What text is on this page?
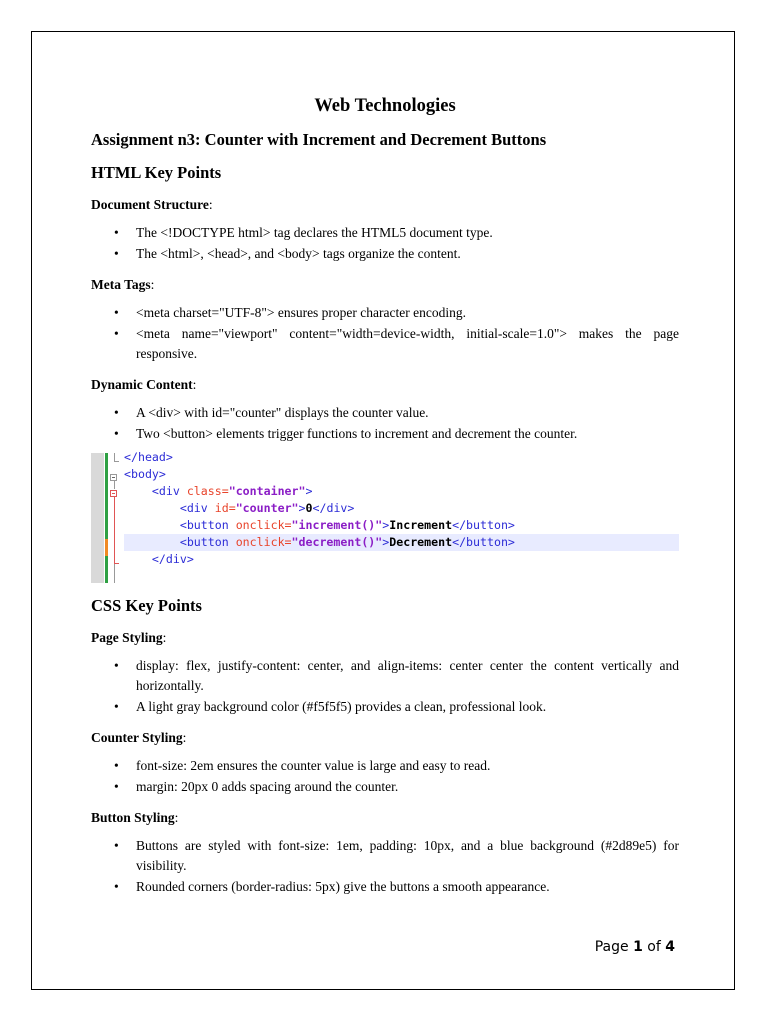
Web Technologies
Assignment n3: Counter with Increment and Decrement Buttons
HTML Key Points
Document Structure:
• The <!DOCTYPE html> tag declares the HTML5 document type.
• The <html>, <head>, and <body> tags organize the content.
Meta Tags:
• <meta charset="UTF-8"> ensures proper character encoding.
• <meta name="viewport" content="width=device-width, initial-scale=1.0"> makes the page responsive.
Dynamic Content:
• A <div> with id="counter" displays the counter value.
• Two <button> elements trigger functions to increment and decrement the counter.
</head>
<body>
<div class="container">
<div id="counter">0</div>
<button onclick="increment()">Increment</button>
<button onclick="decrement()">Decrement</button>
</div>
CSS Key Points
Page Styling:
• display: flex, justify-content: center, and align-items: center center the content vertically and horizontally.
• A light gray background color (#f5f5f5) provides a clean, professional look.
Counter Styling:
• font-size: 2em ensures the counter value is large and easy to read.
• margin: 20px 0 adds spacing around the counter.
Button Styling:
• Buttons are styled with font-size: 1em, padding: 10px, and a blue background (#2d89e5) for visibility.
• Rounded corners (border-radius: 5px) give the buttons a smooth appearance.
Page 1 of 4
